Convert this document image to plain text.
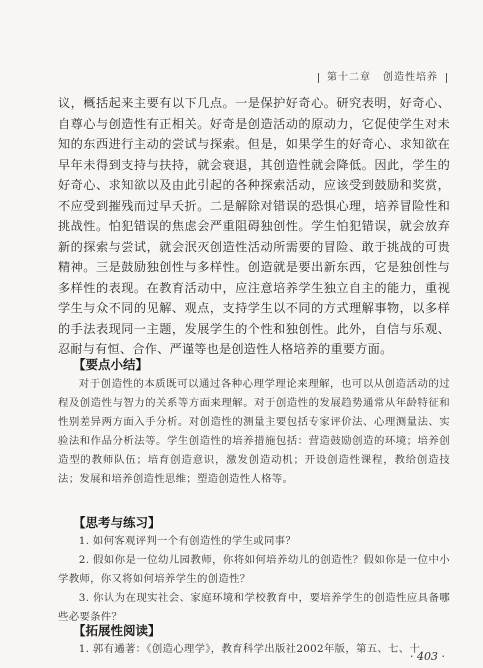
第十二章 创造性培养

议，概括起来主要有以下几点。一是保护好奇心。研究表明，好奇心、自尊心与创造性有正相关。好奇是创造活动的原动力，它促使学生对未知的东西进行主动的尝试与探索。但是，如果学生的好奇心、求知欲在早年未得到支持与扶持，就会衰退，其创造性就会降低。因此，学生的好奇心、求知欲以及由此引起的各种探索活动，应该受到鼓励和奖赏，不应受到摧残而过早夭折。二是解除对错误的恐惧心理，培养冒险性和挑战性。怕犯错误的焦虑会严重阻碍独创性。学生怕犯错误，就会放弃新的探索与尝试，就会泯灭创造性活动所需要的冒险、敢于挑战的可贵精神。三是鼓励独创性与多样性。创造就是要出新东西，它是独创性与多样性的表现。在教育活动中，应注意培养学生独立自主的能力，重视学生与众不同的见解、观点，支持学生以不同的方式理解事物，以多样的手法表现同一主题，发展学生的个性和独创性。此外，自信与乐观、忍耐与有恒、合作、严谨等也是创造性人格培养的重要方面。

【要点小结】

对于创造性的本质既可以通过各种心理学理论来理解，也可以从创造活动的过程及创造性与智力的关系等方面来理解。对于创造性的发展趋势通常从年龄特征和性别差异两方面入手分析。对创造性的测量主要包括专家评价法、心理测量法、实验法和作品分析法等。学生创造性的培养措施包括：营造鼓励创造的环境；培养创造型的教师队伍；培育创造意识，激发创造动机；开设创造性课程，教给创造技法；发展和培养创造性思维；塑造创造性人格等。

【思考与练习】

1. 如何客观评判一个有创造性的学生或同事？

2. 假如你是一位幼儿园教师，你将如何培养幼儿的创造性？假如你是一位中小学教师，你又将如何培养学生的创造性？

3. 你认为在现实社会、家庭环境和学校教育中，要培养学生的创造性应具备哪些必要条件？

【拓展性阅读】

1. 郭有遹著：《创造心理学》，教育科学出版社2002年版，第五、七、十

· 403 ·
